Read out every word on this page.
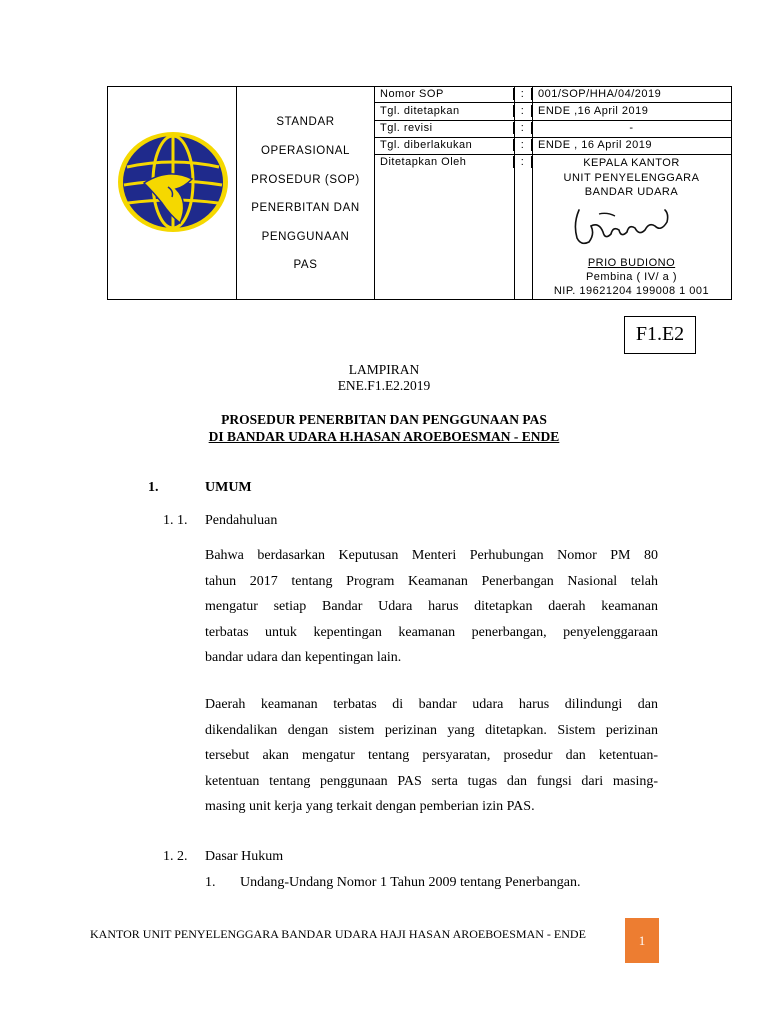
STANDAR
OPERASIONAL
PROSEDUR (SOP)
PENERBITAN DAN
PENGGUNAAN
PAS
Nomor SOP	:	001/SOP/HHA/04/2019
Tgl. ditetapkan	:	ENDE ,16 April 2019
Tgl. revisi	:	-
Tgl. diberlakukan	:	ENDE , 16 April 2019
Ditetapkan Oleh	:	KEPALA KANTOR
UNIT PENYELENGGARA
BANDAR UDARA
PRIO BUDIONO
Pembina ( IV/ a )
NIP. 19621204 199008 1 001
F1.E2
LAMPIRAN
ENE.F1.E2.2019
PROSEDUR PENERBITAN DAN PENGGUNAAN PAS
DI BANDAR UDARA H.HASAN AROEBOESMAN - ENDE
1.	UMUM
1. 1. Pendahuluan
Bahwa berdasarkan Keputusan Menteri Perhubungan Nomor PM 80
tahun 2017 tentang Program Keamanan Penerbangan Nasional telah
mengatur setiap Bandar Udara harus ditetapkan daerah keamanan
terbatas untuk kepentingan keamanan penerbangan, penyelenggaraan
bandar udara dan kepentingan lain.
Daerah keamanan terbatas di bandar udara harus dilindungi dan
dikendalikan dengan sistem perizinan yang ditetapkan. Sistem perizinan
tersebut akan mengatur tentang persyaratan, prosedur dan ketentuan-
ketentuan tentang penggunaan PAS serta tugas dan fungsi dari masing-
masing unit kerja yang terkait dengan pemberian izin PAS.
1. 2. Dasar Hukum
1. Undang-Undang Nomor 1 Tahun 2009 tentang Penerbangan.
KANTOR UNIT PENYELENGGARA BANDAR UDARA HAJI HASAN AROEBOESMAN - ENDE	1
